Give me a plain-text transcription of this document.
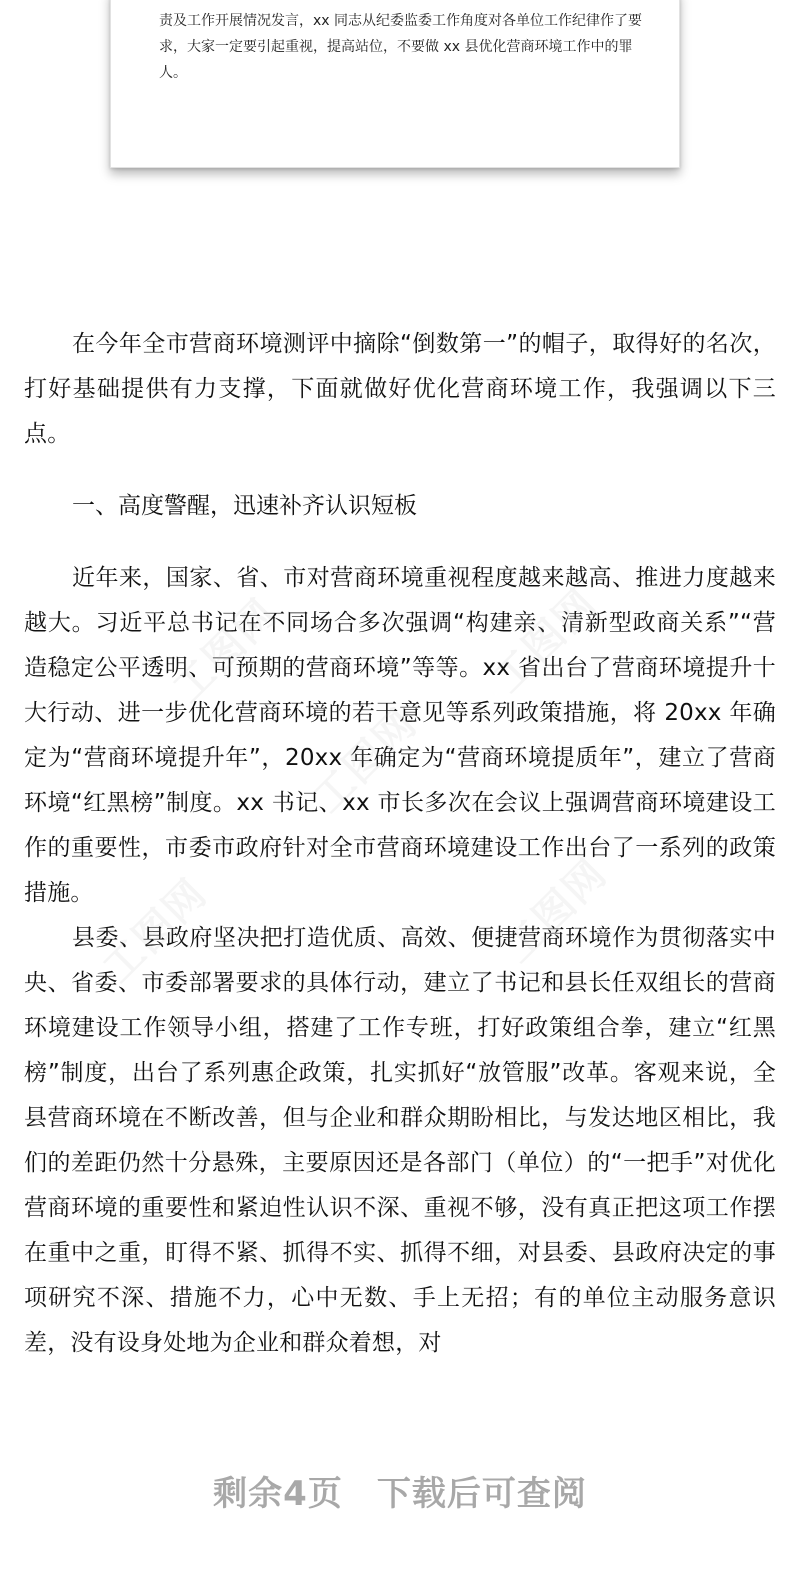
责及工作开展情况发言，xx 同志从纪委监委工作角度对各单位工作纪律作了要求，大家一定要引起重视，提高站位，不要做 xx 县优化营商环境工作中的罪人。

在今年全市营商环境测评中摘除“倒数第一”的帽子，取得好的名次，打好基础提供有力支撑，下面就做好优化营商环境工作，我强调以下三点。

一、高度警醒，迅速补齐认识短板

近年来，国家、省、市对营商环境重视程度越来越高、推进力度越来越大。习近平总书记在不同场合多次强调“构建亲、清新型政商关系”“营造稳定公平透明、可预期的营商环境”等等。xx 省出台了营商环境提升十大行动、进一步优化营商环境的若干意见等系列政策措施，将 20xx 年确定为“营商环境提升年”，20xx 年确定为“营商环境提质年”，建立了营商环境“红黑榜”制度。xx 书记、xx 市长多次在会议上强调营商环境建设工作的重要性，市委市政府针对全市营商环境建设工作出台了一系列的政策措施。

县委、县政府坚决把打造优质、高效、便捷营商环境作为贯彻落实中央、省委、市委部署要求的具体行动，建立了书记和县长任双组长的营商环境建设工作领导小组，搭建了工作专班，打好政策组合拳，建立“红黑榜”制度，出台了系列惠企政策，扎实抓好“放管服”改革。客观来说，全县营商环境在不断改善，但与企业和群众期盼相比，与发达地区相比，我们的差距仍然十分悬殊，主要原因还是各部门（单位）的“一把手”对优化营商环境的重要性和紧迫性认识不深、重视不够，没有真正把这项工作摆在重中之重，盯得不紧、抓得不实、抓得不细，对县委、县政府决定的事项研究不深、措施不力，心中无数、手上无招；有的单位主动服务意识差，没有设身处地为企业和群众着想，对

工图网	工图网
工图网
工图网	工图网

剩余4页 下载后可查阅
